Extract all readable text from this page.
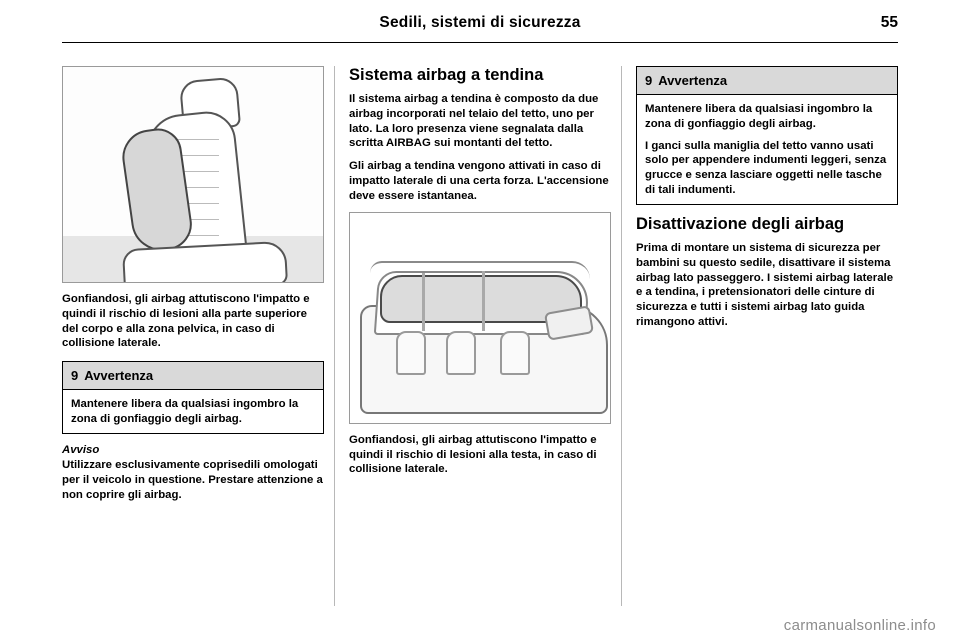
Sedili, sistemi di sicurezza	55

Gonfiandosi, gli airbag attutiscono l'impatto e quindi il rischio di lesioni alla parte superiore del corpo e alla zona pelvica, in caso di collisione laterale.

9 Avvertenza

Mantenere libera da qualsiasi ingombro la zona di gonfiaggio degli airbag.

Avviso

Utilizzare esclusivamente coprisedili omologati per il veicolo in questione. Prestare attenzione a non coprire gli airbag.

Sistema airbag a tendina

Il sistema airbag a tendina è composto da due airbag incorporati nel telaio del tetto, uno per lato. La loro presenza viene segnalata dalla scritta AIRBAG sui montanti del tetto.

Gli airbag a tendina vengono attivati in caso di impatto laterale di una certa forza. L'accensione deve essere istantanea.

Gonfiandosi, gli airbag attutiscono l'impatto e quindi il rischio di lesioni alla testa, in caso di collisione laterale.

9 Avvertenza

Mantenere libera da qualsiasi ingombro la zona di gonfiaggio degli airbag.

I ganci sulla maniglia del tetto vanno usati solo per appendere indumenti leggeri, senza grucce e senza lasciare oggetti nelle tasche di tali indumenti.

Disattivazione degli airbag

Prima di montare un sistema di sicurezza per bambini su questo sedile, disattivare il sistema airbag lato passeggero. I sistemi airbag laterale e a tendina, i pretensionatori delle cinture di sicurezza e tutti i sistemi airbag lato guida rimangono attivi.

carmanualsonline.info
